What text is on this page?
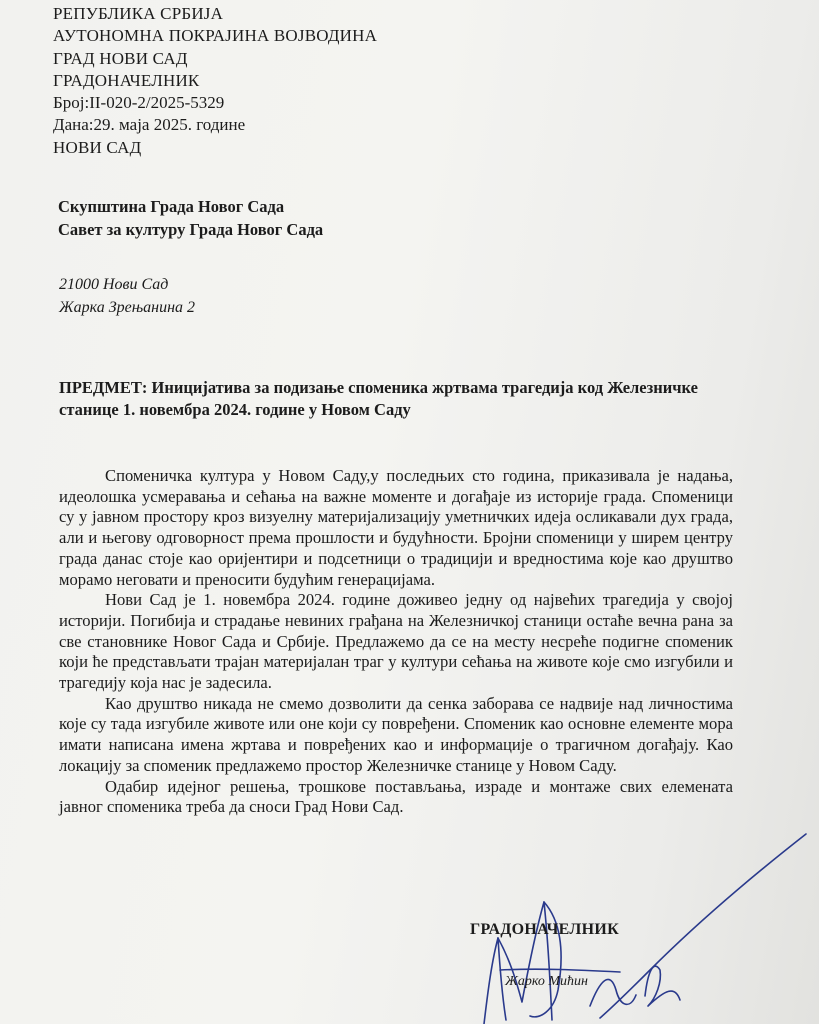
РЕПУБЛИКА СРБИЈА
АУТОНОМНА ПОКРАЈИНА ВОЈВОДИНА
ГРАД НОВИ САД
ГРАДОНАЧЕЛНИК
Број:II-020-2/2025-5329
Дана:29. маја 2025. године
НОВИ САД
Скупштина Града Новог Сада
Савет за културу Града Новог Сада
21000 Нови Сад
Жарка Зрењанина 2
ПРЕДМЕТ: Иницијатива за подизање споменика жртвама трагедија код Железничке станице 1. новембра 2024. године у Новом Саду

Споменичка култура у Новом Саду,у последњих сто година, приказивала је надања, идеолошка усмеравања и сећања на важне моменте и догађаје из историје града. Споменици су у јавном простору кроз визуелну материјализацију уметничких идеја осликавали дух града, али и његову одговорност према прошлости и будућности. Бројни споменици у ширем центру града данас стоје као оријентири и подсетници о традицији и вредностима које као друштво морамо неговати и преносити будућим генерацијама.

Нови Сад је 1. новембра 2024. године доживео једну од највећих трагедија у својој историји. Погибија и страдање невиних грађана на Железничкој станици остаће вечна рана за све становнике Новог Сада и Србије. Предлажемо да се на месту несреће подигне споменик који ће представљати трајан материјалан траг у култури сећања на животе које смо изгубили и трагедију која нас је задесила.

Као друштво никада не смемо дозволити да сенка заборава се надвије над личностима које су тада изгубиле животе или оне који су повређени. Споменик као основне елементе мора имати написана имена жртава и повређених као и информације о трагичном догађају. Као локацију за споменик предлажемо простор Железничке станице у Новом Саду.

Одабир идејног решења, трошкове постављања, израде и монтаже свих елемената јавног споменика треба да сноси Град Нови Сад.

ГРАДОНАЧЕЛНИК
Жарко Мићин
